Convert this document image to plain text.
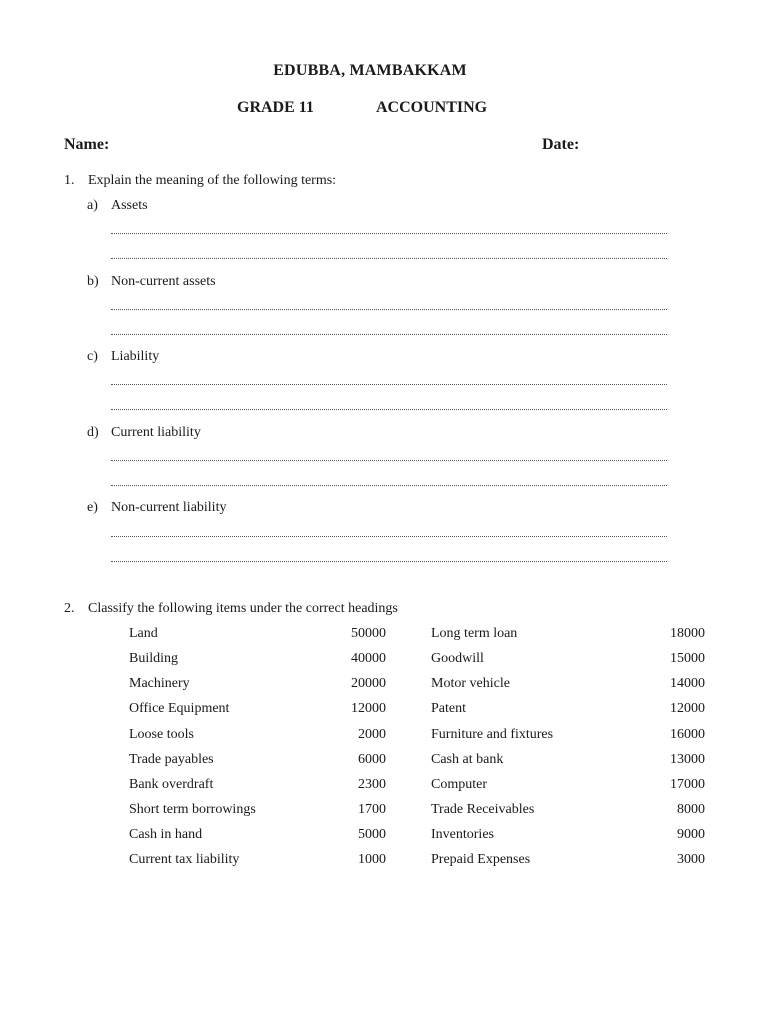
EDUBBA, MAMBAKKAM
GRADE 11	ACCOUNTING
Name:	Date:
1. Explain the meaning of the following terms:
a) Assets
b) Non-current assets
c) Liability
d) Current liability
e) Non-current liability
2. Classify the following items under the correct headings
Land	50000	Long term loan	18000
Building	40000	Goodwill	15000
Machinery	20000	Motor vehicle	14000
Office Equipment	12000	Patent	12000
Loose tools	2000	Furniture and fixtures	16000
Trade payables	6000	Cash at bank	13000
Bank overdraft	2300	Computer	17000
Short term borrowings	1700	Trade Receivables	8000
Cash in hand	5000	Inventories	9000
Current tax liability	1000	Prepaid Expenses	3000
